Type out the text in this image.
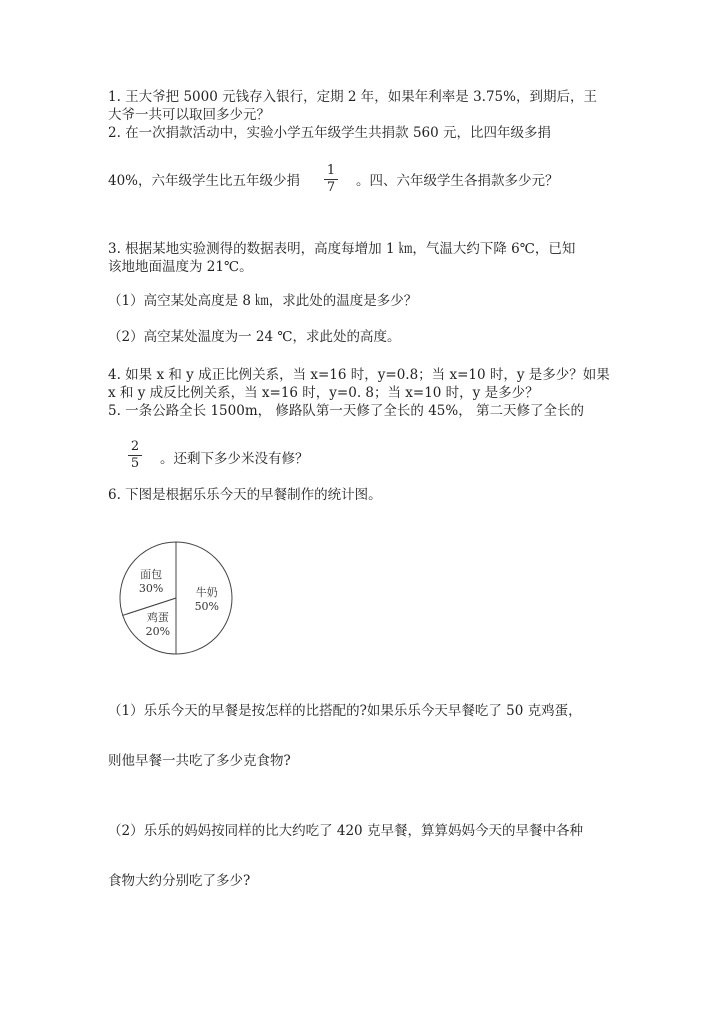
1. 王大爷把 5000 元钱存入银行，定期 2 年，如果年利率是 3.75%，到期后，王
大爷一共可以取回多少元？
2. 在一次捐款活动中，实验小学五年级学生共捐款 560 元，比四年级多捐
40%，六年级学生比五年级少捐
1
7 。四、六年级学生各捐款多少元？
3. 根据某地实验测得的数据表明，高度每增加 1 ㎞，气温大约下降 6℃，已知
该地地面温度为 21℃。
（1）高空某处高度是 8 ㎞，求此处的温度是多少？
（2）高空某处温度为一 24 ℃，求此处的高度。
4. 如果 x 和 y 成正比例关系，当 x=16 时，y=0.8；当 x=10 时，y 是多少？如果
x 和 y 成反比例关系，当 x=16 时，y=0. 8；当 x=10 时，y 是多少？
5. 一条公路全长 1500m， 修路队第一天修了全长的 45%， 第二天修了全长的
2
5 。还剩下多少米没有修？
6. 下图是根据乐乐今天的早餐制作的统计图。
牛奶
50%
鸡蛋
20%
面包
30%
（1）乐乐今天的早餐是按怎样的比搭配的?如果乐乐今天早餐吃了 50 克鸡蛋，
则他早餐一共吃了多少克食物?
（2）乐乐的妈妈按同样的比大约吃了 420 克早餐，算算妈妈今天的早餐中各种
食物大约分别吃了多少?
